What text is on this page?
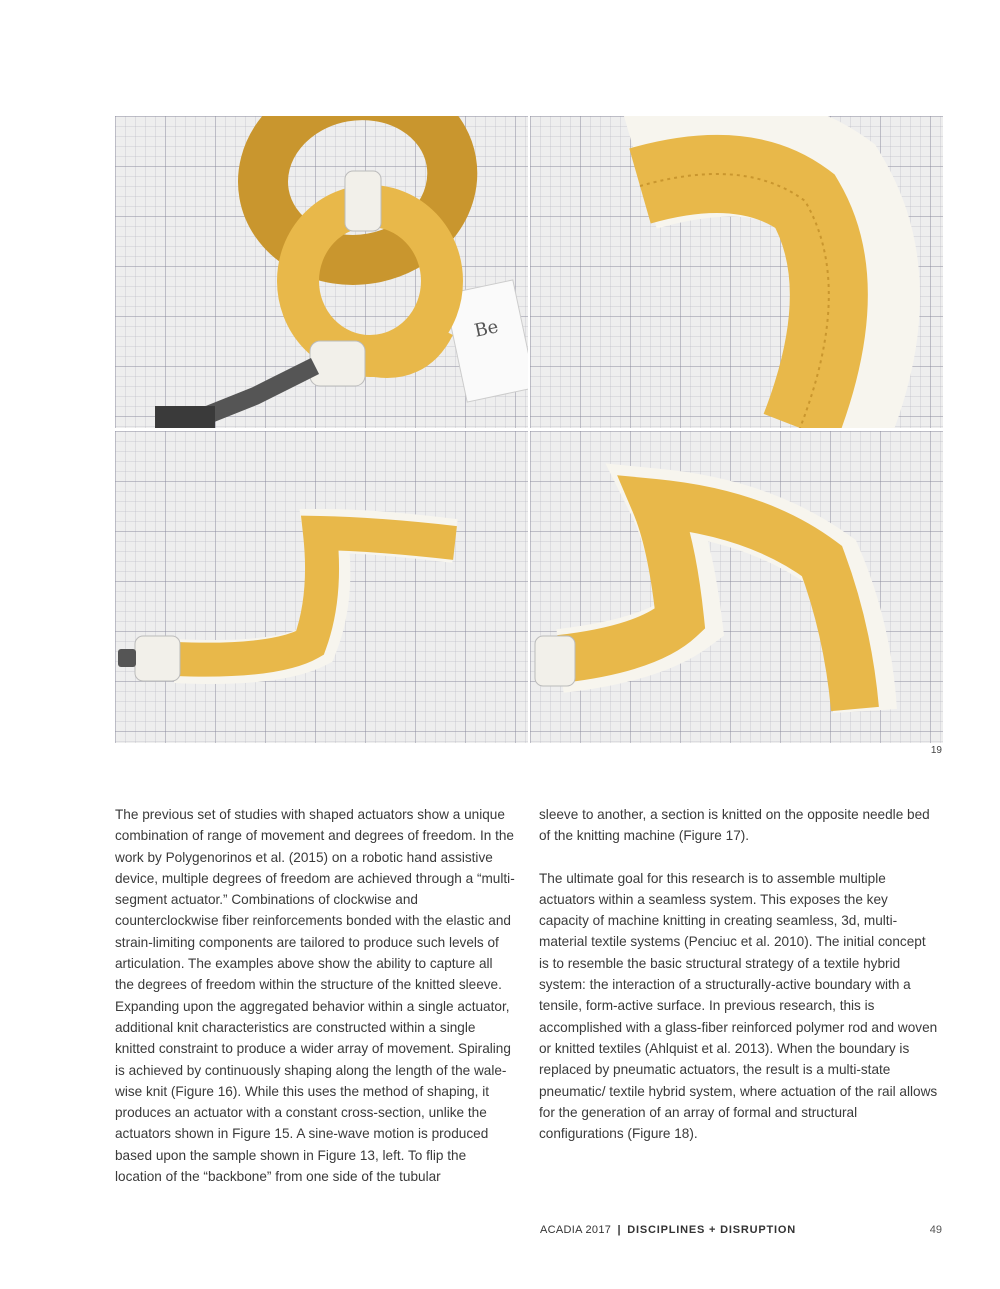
Be
19

The previous set of studies with shaped actuators show a unique combination of range of movement and degrees of freedom. In the work by Polygenorinos et al. (2015) on a robotic hand assistive device, multiple degrees of freedom are achieved through a “multi-segment actuator.” Combinations of clockwise and counterclockwise fiber reinforcements bonded with the elastic and strain-limiting components are tailored to produce such levels of articulation. The examples above show the ability to capture all the degrees of freedom within the structure of the knitted sleeve. Expanding upon the aggregated behavior within a single actuator, additional knit characteristics are constructed within a single knitted constraint to produce a wider array of movement. Spiraling is achieved by continuously shaping along the length of the wale-wise knit (Figure 16). While this uses the method of shaping, it produces an actuator with a constant cross-section, unlike the actuators shown in Figure 15. A sine-wave motion is produced based upon the sample shown in Figure 13, left. To flip the location of the “backbone” from one side of the tubular

sleeve to another, a section is knitted on the opposite needle bed of the knitting machine (Figure 17).

The ultimate goal for this research is to assemble multiple actuators within a seamless system. This exposes the key capacity of machine knitting in creating seamless, 3d, multi-material textile systems (Penciuc et al. 2010). The initial concept is to resemble the basic structural strategy of a textile hybrid system: the interaction of a structurally-active boundary with a tensile, form-active surface. In previous research, this is accomplished with a glass-fiber reinforced polymer rod and woven or knitted textiles (Ahlquist et al. 2013). When the boundary is replaced by pneumatic actuators, the result is a multi-state pneumatic/ textile hybrid system, where actuation of the rail allows for the generation of an array of formal and structural configurations (Figure 18).

ACADIA 2017 | DISCIPLINES + DISRUPTION	49
